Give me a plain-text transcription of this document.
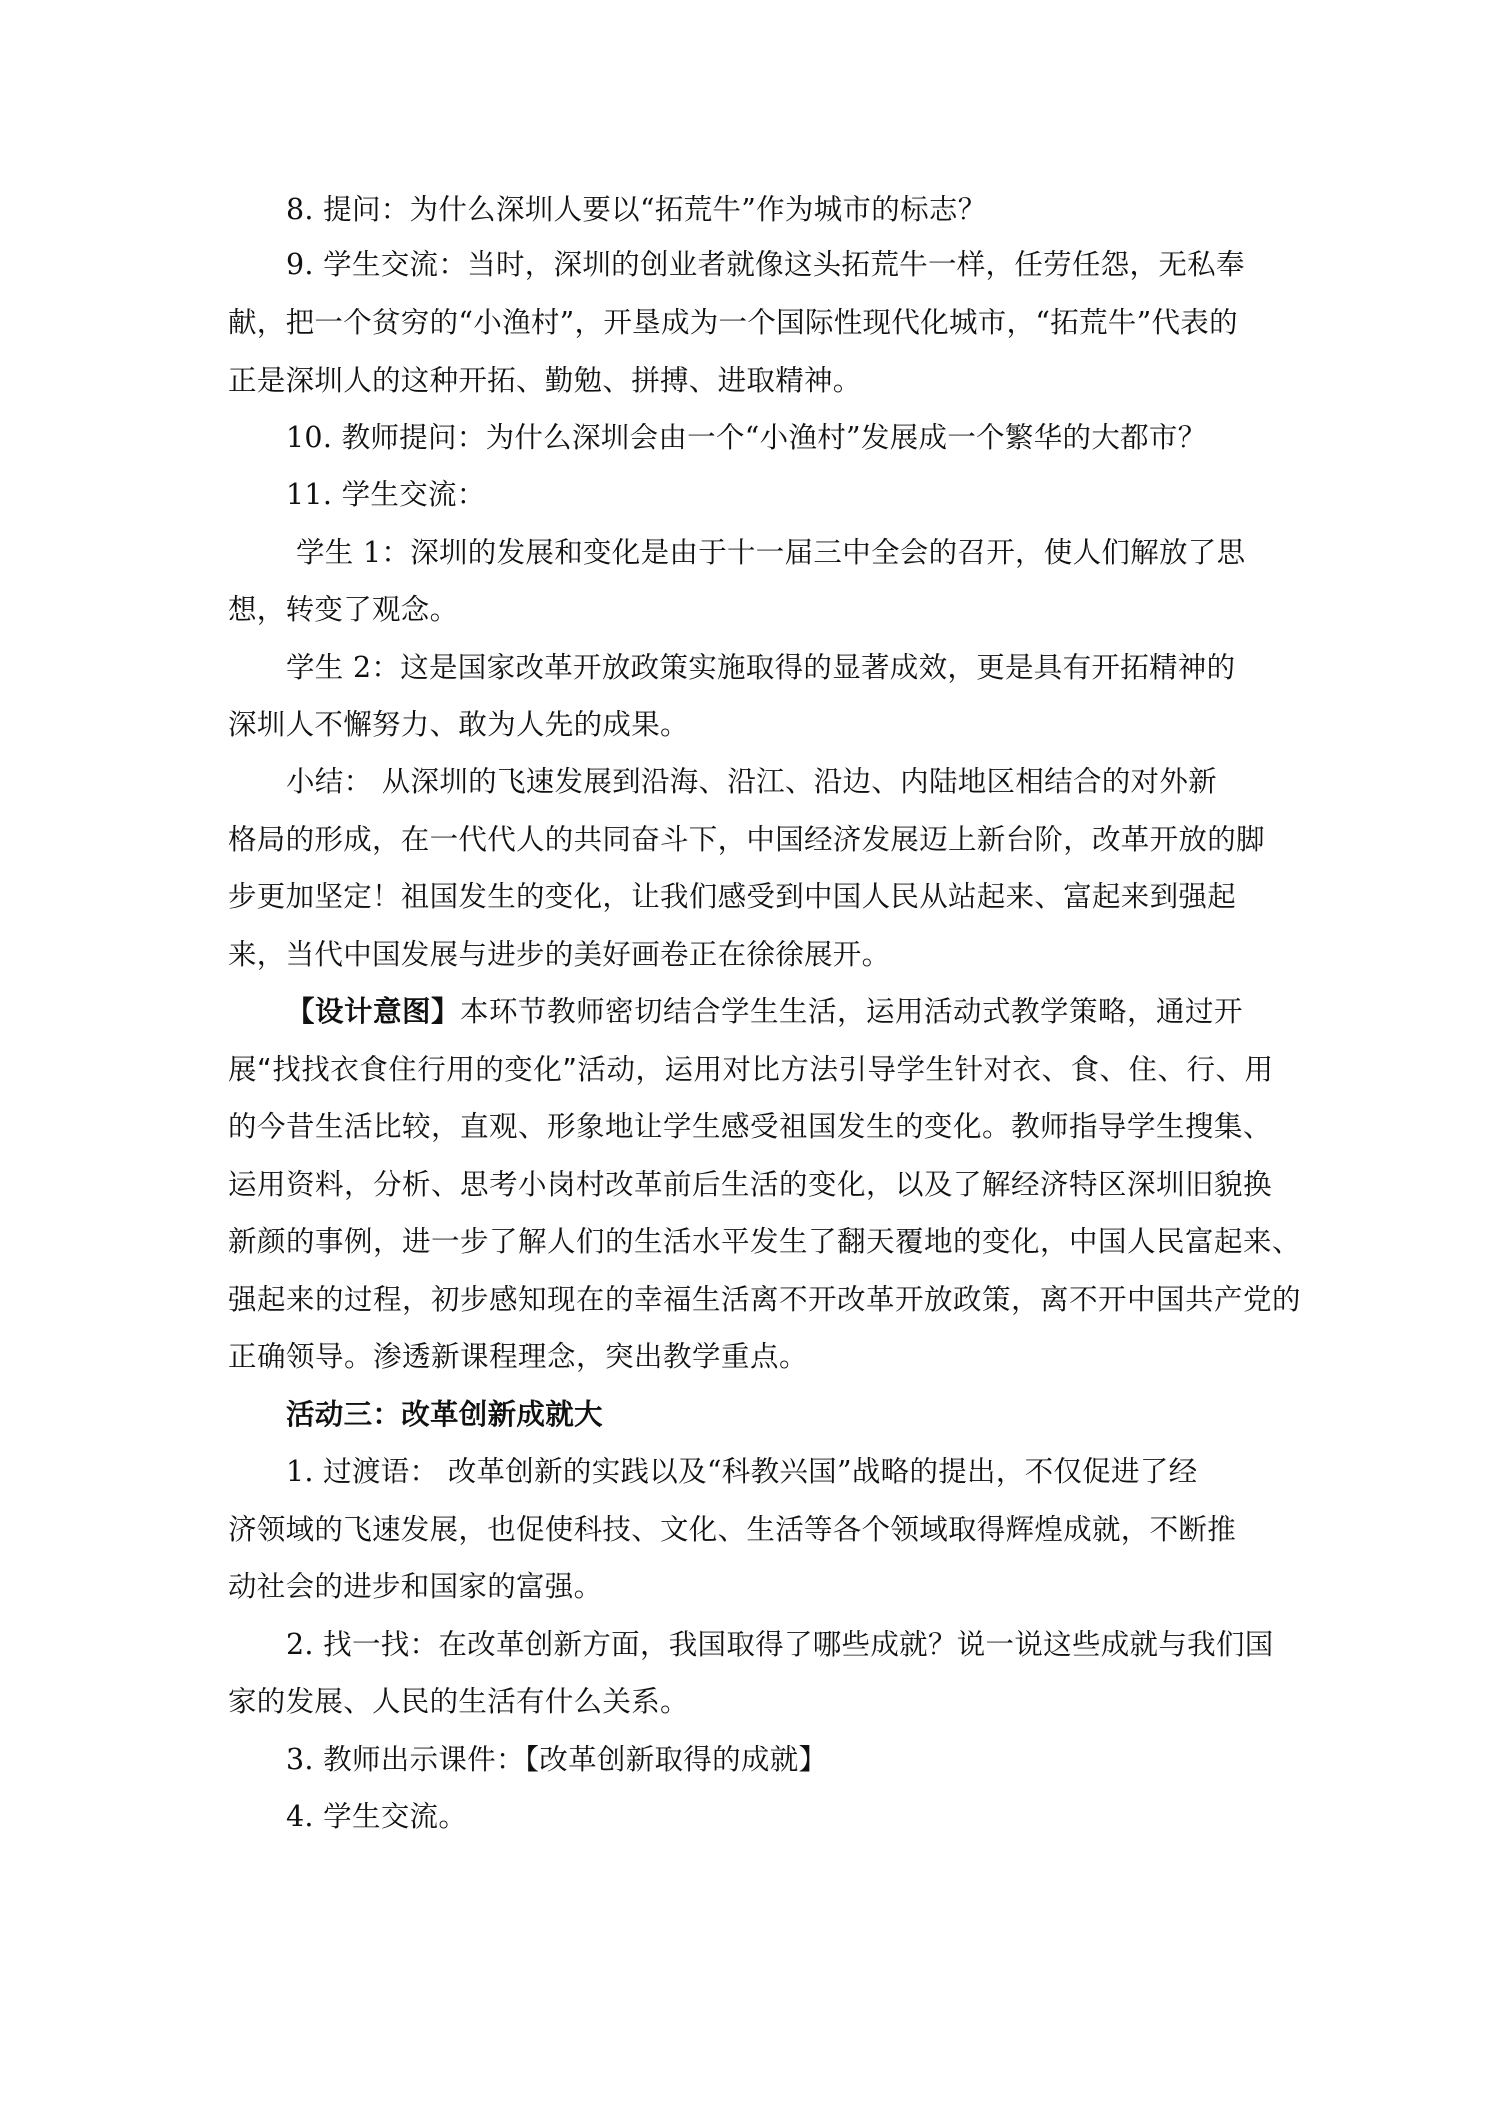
8. 提问：为什么深圳人要以“拓荒牛”作为城市的标志？
9. 学生交流：当时，深圳的创业者就像这头拓荒牛一样，任劳任怨，无私奉
献，把一个贫穷的“小渔村”，开垦成为一个国际性现代化城市，“拓荒牛”代表的
正是深圳人的这种开拓、勤勉、拼搏、进取精神。
10. 教师提问：为什么深圳会由一个“小渔村”发展成一个繁华的大都市？
11. 学生交流：
学生 1：深圳的发展和变化是由于十一届三中全会的召开，使人们解放了思
想，转变了观念。
学生 2：这是国家改革开放政策实施取得的显著成效，更是具有开拓精神的
深圳人不懈努力、敢为人先的成果。
小结： 从深圳的飞速发展到沿海、沿江、沿边、内陆地区相结合的对外新
格局的形成，在一代代人的共同奋斗下，中国经济发展迈上新台阶，改革开放的脚
步更加坚定！祖国发生的变化，让我们感受到中国人民从站起来、富起来到强起
来，当代中国发展与进步的美好画卷正在徐徐展开。
【设计意图】本环节教师密切结合学生生活，运用活动式教学策略，通过开
展“找找衣食住行用的变化”活动，运用对比方法引导学生针对衣、食、住、行、用
的今昔生活比较，直观、形象地让学生感受祖国发生的变化。教师指导学生搜集、
运用资料，分析、思考小岗村改革前后生活的变化，以及了解经济特区深圳旧貌换
新颜的事例，进一步了解人们的生活水平发生了翻天覆地的变化，中国人民富起来、
强起来的过程，初步感知现在的幸福生活离不开改革开放政策，离不开中国共产党的
正确领导。渗透新课程理念，突出教学重点。
活动三：改革创新成就大
1. 过渡语： 改革创新的实践以及“科教兴国”战略的提出，不仅促进了经
济领域的飞速发展，也促使科技、文化、生活等各个领域取得辉煌成就，不断推
动社会的进步和国家的富强。
2. 找一找：在改革创新方面，我国取得了哪些成就？说一说这些成就与我们国
家的发展、人民的生活有什么关系。
3. 教师出示课件：【改革创新取得的成就】
4. 学生交流。
